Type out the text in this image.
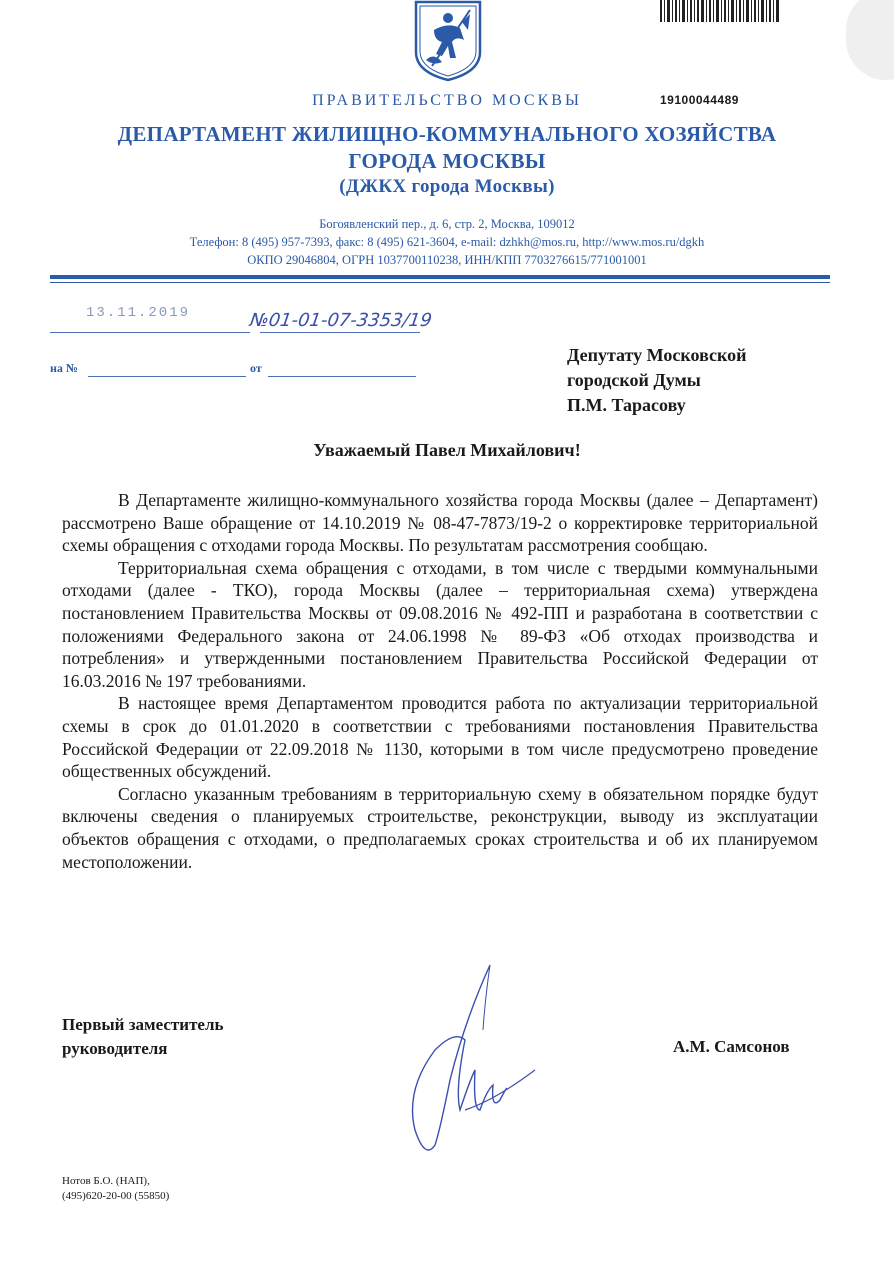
19100044489
ПРАВИТЕЛЬСТВО МОСКВЫ
ДЕПАРТАМЕНТ ЖИЛИЩНО-КОММУНАЛЬНОГО ХОЗЯЙСТВА
ГОРОДА МОСКВЫ
(ДЖКХ города Москвы)
Богоявленский пер., д. 6, стр. 2, Москва, 109012
Телефон: 8 (495) 957-7393, факс: 8 (495) 621-3604, e-mail: dzhkh@mos.ru, http://www.mos.ru/dgkh
ОКПО 29046804, ОГРН 1037700110238, ИНН/КПП 7703276615/771001001
13.11.2019	№01-01-07-3353/19
на №	от
Депутату Московской
городской Думы
П.М. Тарасову
Уважаемый Павел Михайлович!

В Департаменте жилищно-коммунального хозяйства города Москвы (далее – Департамент) рассмотрено Ваше обращение от 14.10.2019 № 08-47-7873/19-2 о корректировке территориальной схемы обращения с отходами города Москвы. По результатам рассмотрения сообщаю.

Территориальная схема обращения с отходами, в том числе с твердыми коммунальными отходами (далее - ТКО), города Москвы (далее – территориальная схема) утверждена постановлением Правительства Москвы от 09.08.2016 № 492-ПП и разработана в соответствии с положениями Федерального закона от 24.06.1998 № 89-ФЗ «Об отходах производства и потребления» и утвержденными постановлением Правительства Российской Федерации от 16.03.2016 № 197 требованиями.

В настоящее время Департаментом проводится работа по актуализации территориальной схемы в срок до 01.01.2020 в соответствии с требованиями постановления Правительства Российской Федерации от 22.09.2018 № 1130, которыми в том числе предусмотрено проведение общественных обсуждений.

Согласно указанным требованиям в территориальную схему в обязательном порядке будут включены сведения о планируемых строительстве, реконструкции, выводу из эксплуатации объектов обращения с отходами, о предполагаемых сроках строительства и об их планируемом местоположении.

Первый заместитель
руководителя	А.М. Самсонов
Нотов Б.О. (НАП),
(495)620-20-00 (55850)
